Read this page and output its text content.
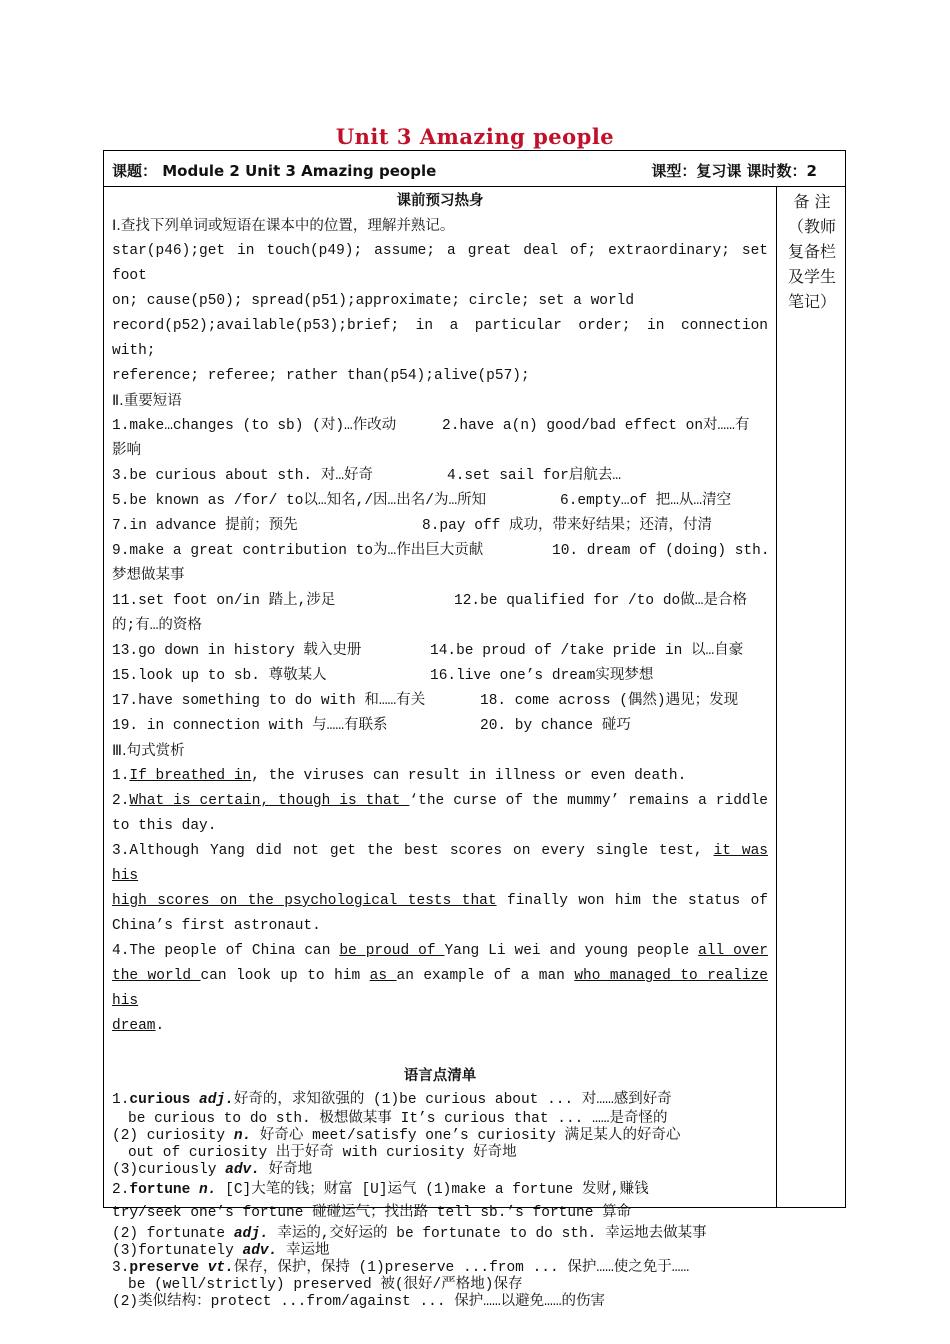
Unit 3 Amazing people
课题： Module 2 Unit 3 Amazing people	课型：复习课 课时数：2
课前预习热身
Ⅰ.查找下列单词或短语在课本中的位置，理解并熟记。
star(p46);get in touch(p49); assume; a great deal of; extraordinary; set foot
on; cause(p50); spread(p51);approximate; circle; set a world
record(p52);available(p53);brief; in a particular order; in connection with;
reference; referee; rather than(p54);alive(p57);
Ⅱ.重要短语
1.make…changes (to sb) (对)…作改动	2.have a(n) good/bad effect on对……有
影响
3.be curious about sth. 对…好奇	4.set sail for启航去…
5.be known as /for/ to以…知名,/因…出名/为…所知	6.empty…of 把…从…清空
7.in advance 提前；预先	8.pay off 成功，带来好结果；还清，付清
9.make a great contribution to为…作出巨大贡献	10. dream of (doing) sth.
梦想做某事
11.set foot on/in 踏上,涉足	12.be qualified for /to do做…是合格
的;有…的资格
13.go down in history 载入史册	14.be proud of /take pride in 以…自豪
15.look up to sb. 尊敬某人	16.live one’s dream实现梦想
17.have something to do with 和……有关	18. come across (偶然)遇见；发现
19. in connection with 与……有联系	20. by chance 碰巧
Ⅲ.句式赏析
1.If breathed in, the viruses can result in illness or even death.
2.What is certain, though is that ‘the curse of the mummy’ remains a riddle
to this day.
3.Although Yang did not get the best scores on every single test, it was his
high scores on the psychological tests that finally won him the status of
China’s first astronaut.
4.The people of China can be proud of Yang Li wei and young people all over
the world can look up to him as an example of a man who managed to realize his
dream.
语言点清单
1.curious adj.好奇的，求知欲强的 (1)be curious about ... 对……感到好奇
be curious to do sth. 极想做某事 It’s curious that ... ……是奇怪的
(2) curiosity n. 好奇心 meet/satisfy one’s curiosity 满足某人的好奇心
out of curiosity 出于好奇 with curiosity 好奇地
(3)curiously adv. 好奇地
2.fortune n. [C]大笔的钱；财富 [U]运气 (1)make a fortune 发财,赚钱
try/seek one’s fortune 碰碰运气；找出路 tell sb.’s fortune 算命
(2) fortunate adj. 幸运的,交好运的 be fortunate to do sth. 幸运地去做某事
(3)fortunately adv. 幸运地
3.preserve vt.保存，保护，保持 (1)preserve ...from ... 保护……使之免于……
be (well/strictly) preserved 被(很好/严格地)保存
(2)类似结构：protect ...from/against ... 保护……以避免……的伤害
备 注
（教师
复备栏
及学生
笔记）
